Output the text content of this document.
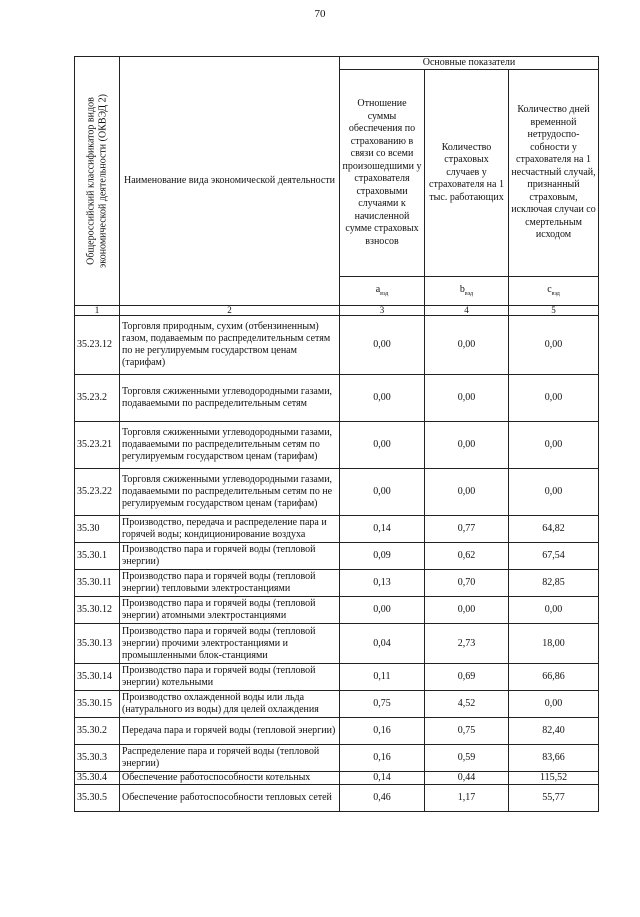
70
Общероссийский классификатор видов экономической деятельности (ОКВЭД 2)	Наименование вида экономической деятельности	Основные показатели		
		Отношение суммы обеспечения по страхованию в связи со всеми произошедшими у страхователя страховыми случаями к начисленной сумме страховых взносов	Количество страховых случаев у страхователя на 1 тыс. работающих	Количество дней временной нетрудоспо-собности у страхователя на 1 несчастный случай, признанный страховым, исключая случаи со смертельным исходом
		$a_{вэд}$	$b_{вэд}$	$c_{вэд}$
1	2	3	4	5
35.23.12	Торговля природным, сухим (отбензиненным) газом, подаваемым по распределительным сетям по не регулируемым государством ценам (тарифам)	0,00	0,00	0,00
35.23.2	Торговля сжиженными углеводородными газами, подаваемыми по распределительным сетям	0,00	0,00	0,00
35.23.21	Торговля сжиженными углеводородными газами, подаваемыми по распределительным сетям по регулируемым государством ценам (тарифам)	0,00	0,00	0,00
35.23.22	Торговля сжиженными углеводородными газами, подаваемыми по распределительным сетям по не регулируемым государством ценам (тарифам)	0,00	0,00	0,00
35.30	Производство, передача и распределение пара и горячей воды; кондиционирование воздуха	0,14	0,77	64,82
35.30.1	Производство пара и горячей воды (тепловой энергии)	0,09	0,62	67,54
35.30.11	Производство пара и горячей воды (тепловой энергии) тепловыми электростанциями	0,13	0,70	82,85
35.30.12	Производство пара и горячей воды (тепловой энергии) атомными электростанциями	0,00	0,00	0,00
35.30.13	Производство пара и горячей воды (тепловой энергии) прочими электростанциями и промышленными блок-станциями	0,04	2,73	18,00
35.30.14	Производство пара и горячей воды (тепловой энергии) котельными	0,11	0,69	66,86
35.30.15	Производство охлажденной воды или льда (натурального из воды) для целей охлаждения	0,75	4,52	0,00
35.30.2	Передача пара и горячей воды (тепловой энергии)	0,16	0,75	82,40
35.30.3	Распределение пара и горячей воды (тепловой энергии)	0,16	0,59	83,66
35.30.4	Обеспечение работоспособности котельных	0,14	0,44	115,52
35.30.5	Обеспечение работоспособности тепловых сетей	0,46	1,17	55,77
